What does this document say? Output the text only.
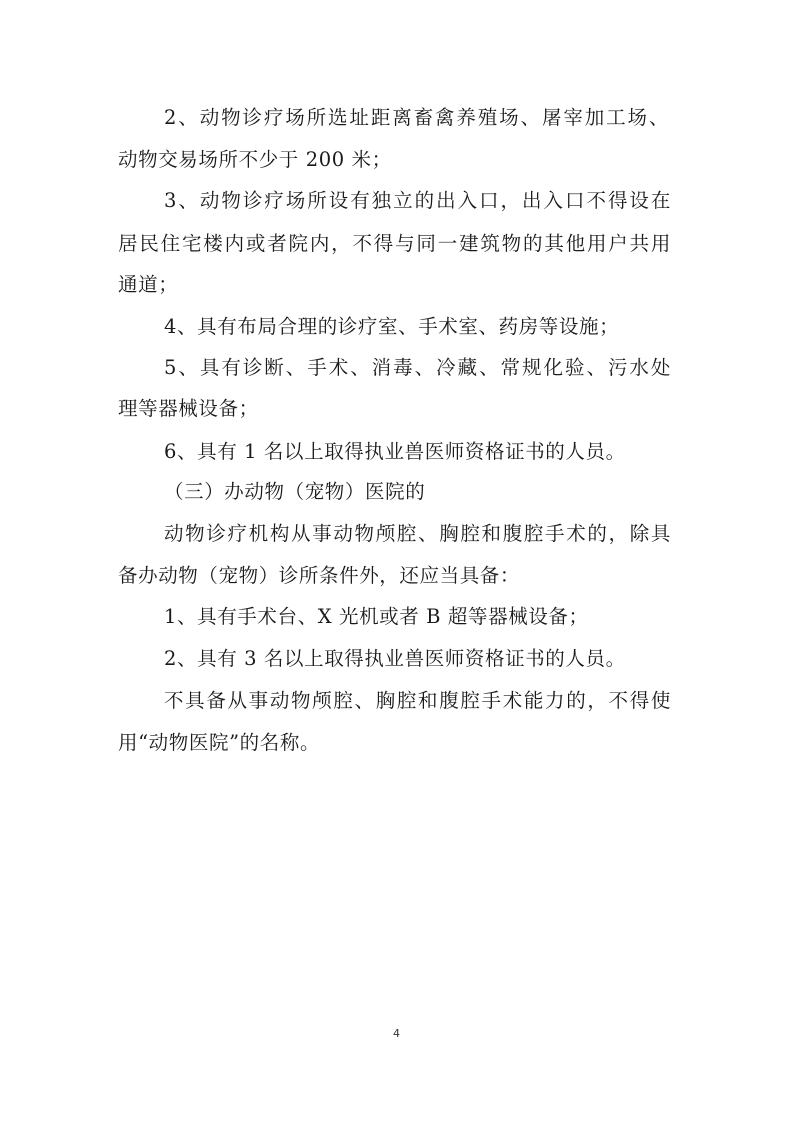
2、动物诊疗场所选址距离畜禽养殖场、屠宰加工场、
动物交易场所不少于 200 米；
3、动物诊疗场所设有独立的出入口，出入口不得设在
居民住宅楼内或者院内，不得与同一建筑物的其他用户共用
通道；
4、具有布局合理的诊疗室、手术室、药房等设施；
5、具有诊断、手术、消毒、冷藏、常规化验、污水处
理等器械设备；
6、具有 1 名以上取得执业兽医师资格证书的人员。
（三）办动物（宠物）医院的
动物诊疗机构从事动物颅腔、胸腔和腹腔手术的，除具
备办动物（宠物）诊所条件外，还应当具备：
1、具有手术台、X 光机或者 B 超等器械设备；
2、具有 3 名以上取得执业兽医师资格证书的人员。
不具备从事动物颅腔、胸腔和腹腔手术能力的，不得使
用“动物医院”的名称。
4
